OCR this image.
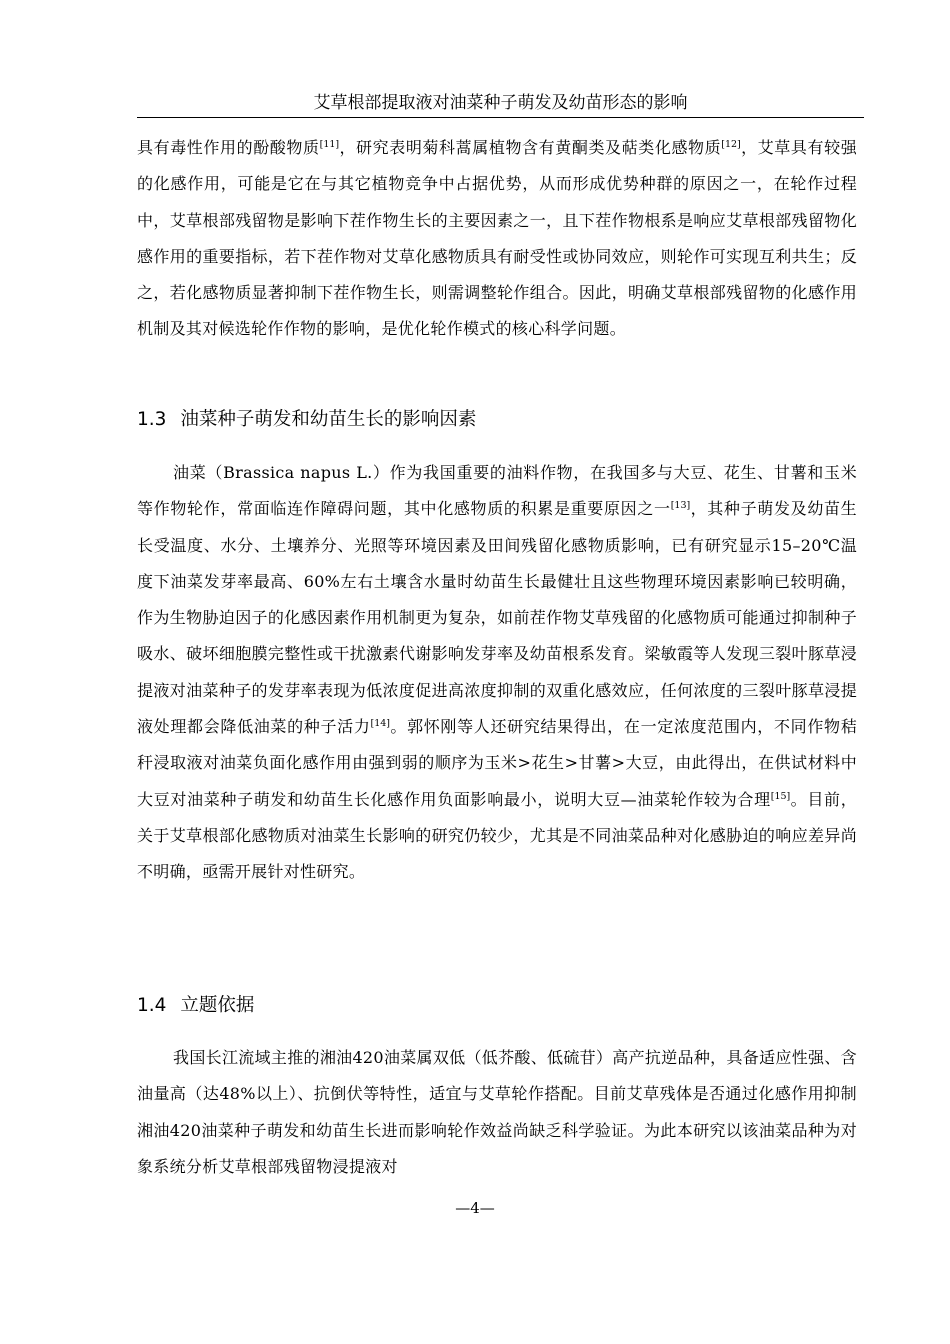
艾草根部提取液对油菜种子萌发及幼苗形态的影响

具有毒性作用的酚酸物质[11]，研究表明菊科蒿属植物含有黄酮类及萜类化感物质[12]，艾草具有较强的化感作用，可能是它在与其它植物竞争中占据优势，从而形成优势种群的原因之一，在轮作过程中，艾草根部残留物是影响下茬作物生长的主要因素之一，且下茬作物根系是响应艾草根部残留物化感作用的重要指标，若下茬作物对艾草化感物质具有耐受性或协同效应，则轮作可实现互利共生；反之，若化感物质显著抑制下茬作物生长，则需调整轮作组合。因此，明确艾草根部残留物的化感作用机制及其对候选轮作作物的影响，是优化轮作模式的核心科学问题。

1.3 油菜种子萌发和幼苗生长的影响因素

油菜（Brassica napus L.）作为我国重要的油料作物，在我国多与大豆、花生、甘薯和玉米等作物轮作，常面临连作障碍问题，其中化感物质的积累是重要原因之一[13]，其种子萌发及幼苗生长受温度、水分、土壤养分、光照等环境因素及田间残留化感物质影响，已有研究显示15–20℃温度下油菜发芽率最高、60%左右土壤含水量时幼苗生长最健壮且这些物理环境因素影响已较明确，作为生物胁迫因子的化感因素作用机制更为复杂，如前茬作物艾草残留的化感物质可能通过抑制种子吸水、破坏细胞膜完整性或干扰激素代谢影响发芽率及幼苗根系发育。梁敏霞等人发现三裂叶豚草浸提液对油菜种子的发芽率表现为低浓度促进高浓度抑制的双重化感效应，任何浓度的三裂叶豚草浸提液处理都会降低油菜的种子活力[14]。郭怀刚等人还研究结果得出，在一定浓度范围内，不同作物秸秆浸取液对油菜负面化感作用由强到弱的顺序为玉米>花生>甘薯>大豆，由此得出，在供试材料中大豆对油菜种子萌发和幼苗生长化感作用负面影响最小，说明大豆—油菜轮作较为合理[15]。目前，关于艾草根部化感物质对油菜生长影响的研究仍较少，尤其是不同油菜品种对化感胁迫的响应差异尚不明确，亟需开展针对性研究。

1.4 立题依据

我国长江流域主推的湘油420油菜属双低（低芥酸、低硫苷）高产抗逆品种，具备适应性强、含油量高（达48%以上）、抗倒伏等特性，适宜与艾草轮作搭配。目前艾草残体是否通过化感作用抑制湘油420油菜种子萌发和幼苗生长进而影响轮作效益尚缺乏科学验证。为此本研究以该油菜品种为对象系统分析艾草根部残留物浸提液对

—4—
